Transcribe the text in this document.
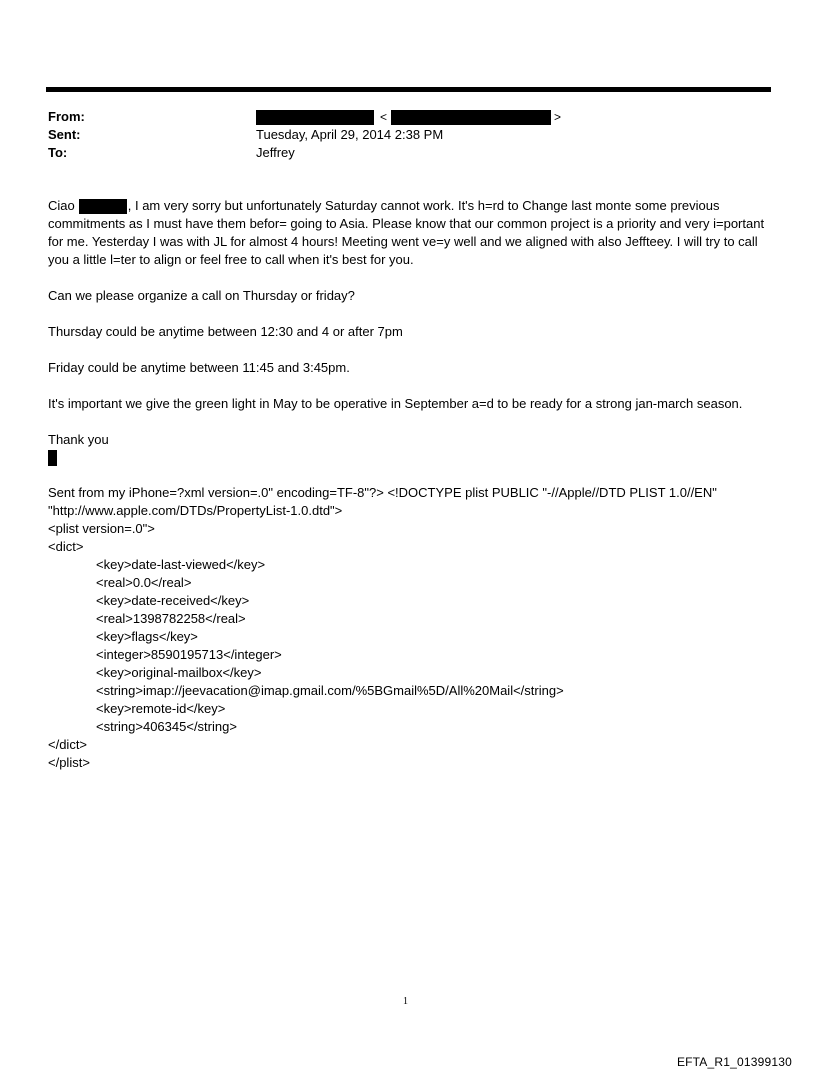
From:	<	>
Sent:	Tuesday, April 29, 2014 2:38 PM
To:	Jeffrey

Ciao	, I am very sorry but unfortunately Saturday cannot work. It's h=rd to Change last monte some previous commitments as I must have them befor= going to Asia. Please know that our common project is a priority and very i=portant for me. Yesterday I was with JL for almost 4 hours! Meeting went ve=y well and we aligned with also Jeffteey. I will try to call you a little l=ter to align or feel free to call when it's best for you.

Can we please organize a call on Thursday or friday?

Thursday could be anytime between 12:30 and 4 or after 7pm

Friday could be anytime between 11:45 and 3:45pm.

It's important we give the green light in May to be operative in September a=d to be ready for a strong jan-march season.

Thank you
Sent from my iPhone=?xml version=.0" encoding=TF-8"?> <!DOCTYPE plist PUBLIC "-//Apple//DTD PLIST 1.0//EN"
"http://www.apple.com/DTDs/PropertyList-1.0.dtd">
<plist version=.0">
<dict>
<key>date-last-viewed</key>
<real>0.0</real>
<key>date-received</key>
<real>1398782258</real>
<key>flags</key>
<integer>8590195713</integer>
<key>original-mailbox</key>
<string>imap://jeevacation@imap.gmail.com/%5BGmail%5D/All%20Mail</string>
<key>remote-id</key>
<string>406345</string>
</dict>
</plist>
1
EFTA_R1_01399130
